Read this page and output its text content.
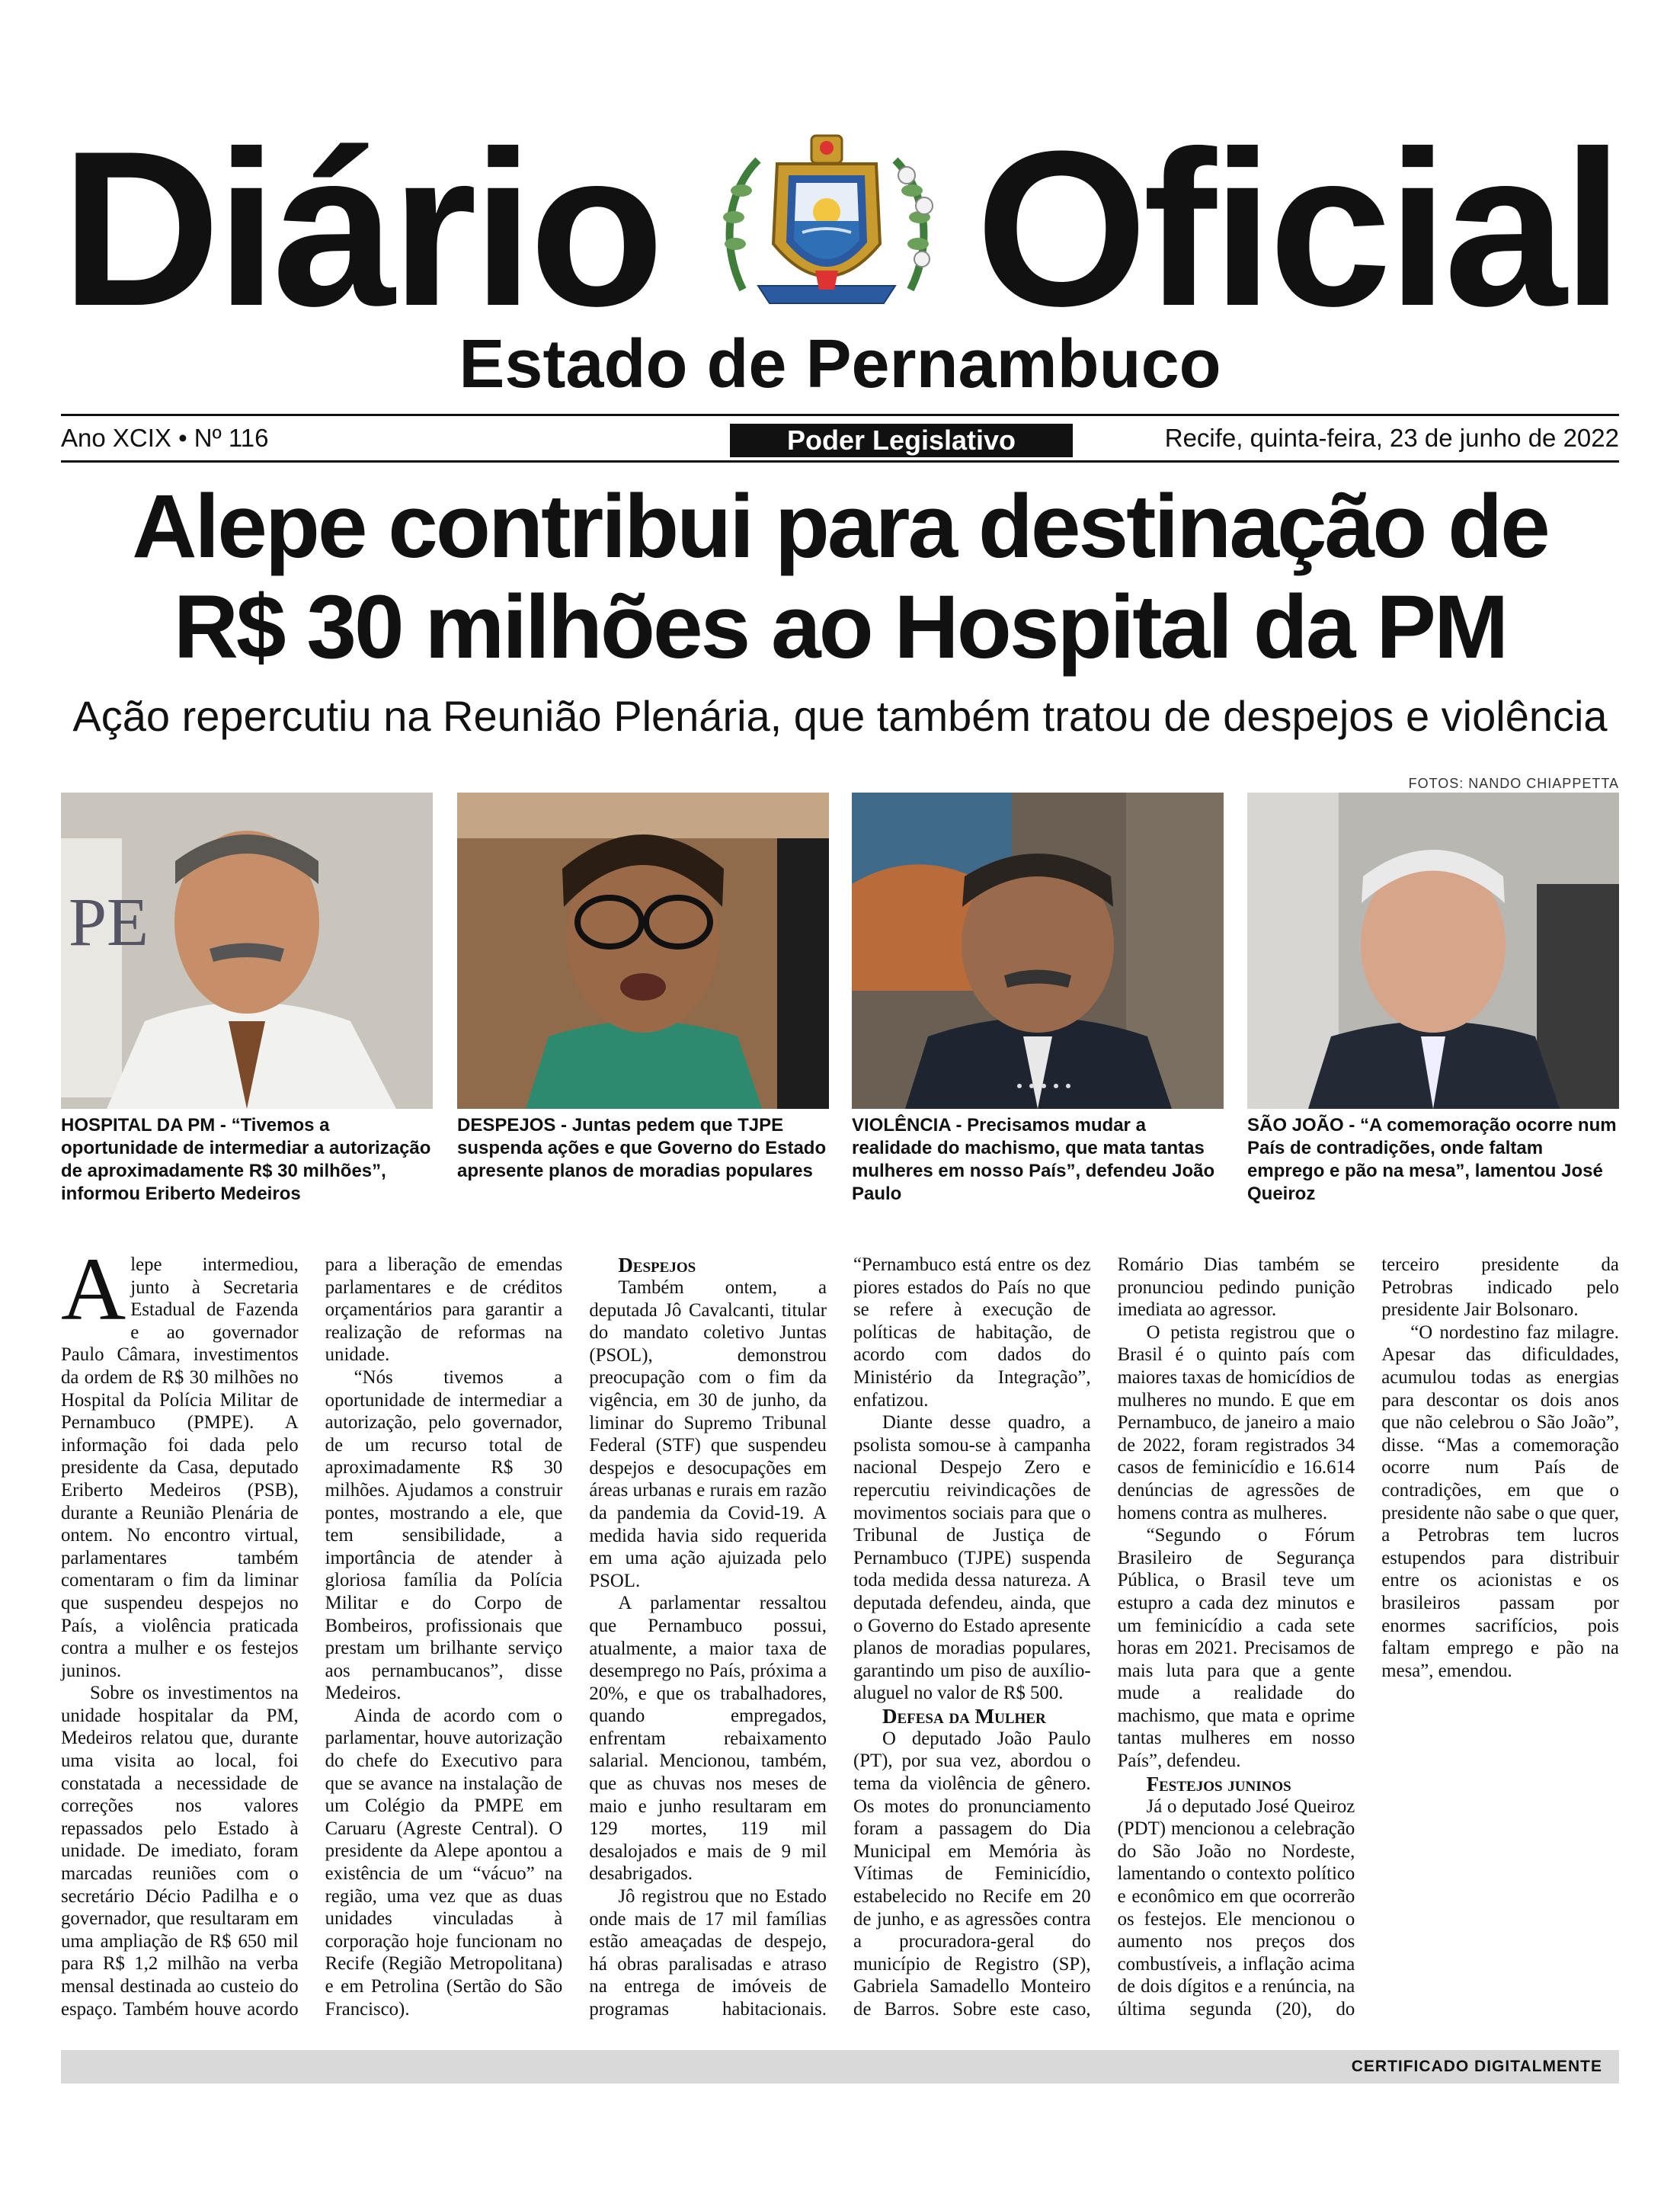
Diário Oficial
Estado de Pernambuco
Ano XCIX • Nº 116	Poder Legislativo	Recife, quinta-feira, 23 de junho de 2022
Alepe contribui para destinação de
R$ 30 milhões ao Hospital da PM
Ação repercutiu na Reunião Plenária, que também tratou de despejos e violência
FOTOS: NANDO CHIAPPETTA
PE
HOSPITAL DA PM - “Tivemos a oportunidade de intermediar a autorização de aproximadamente R$ 30 milhões”, informou Eriberto Medeiros
DESPEJOS - Juntas pedem que TJPE suspenda ações e que Governo do Estado apresente planos de moradias populares
VIOLÊNCIA - Precisamos mudar a realidade do machismo, que mata tantas mulheres em nosso País”, defendeu João Paulo
SÃO JOÃO - “A comemoração ocorre num País de contradições, onde faltam emprego e pão na mesa”, lamentou José Queiroz

Alepe intermediou, junto à Secretaria Estadual de Fazenda e ao governador Paulo Câmara, investimentos da ordem de R$ 30 milhões no Hospital da Polícia Militar de Pernambuco (PMPE). A informação foi dada pelo presidente da Casa, deputado Eriberto Medeiros (PSB), durante a Reunião Plenária de ontem. No encontro virtual, parlamentares também comentaram o fim da liminar que suspendeu despejos no País, a violência praticada contra a mulher e os festejos juninos.

Sobre os investimentos na unidade hospitalar da PM, Medeiros relatou que, durante uma visita ao local, foi constatada a necessidade de correções nos valores repassados pelo Estado à unidade. De imediato, foram marcadas reuniões com o secretário Décio Padilha e o governador, que resultaram em uma ampliação de R$ 650 mil para R$ 1,2 milhão na verba mensal destinada ao custeio do espaço. Também houve acordo para a liberação de emendas parlamentares e de créditos orçamentários para garantir a realização de reformas na unidade.

“Nós tivemos a oportunidade de intermediar a autorização, pelo governador, de um recurso total de aproximadamente R$ 30 milhões. Ajudamos a construir pontes, mostrando a ele, que tem sensibilidade, a importância de atender à gloriosa família da Polícia Militar e do Corpo de Bombeiros, profissionais que prestam um brilhante serviço aos pernambucanos”, disse Medeiros.

Ainda de acordo com o parlamentar, houve autorização do chefe do Executivo para que se avance na instalação de um Colégio da PMPE em Caruaru (Agreste Central). O presidente da Alepe apontou a existência de um “vácuo” na região, uma vez que as duas unidades vinculadas à corporação hoje funcionam no Recife (Região Metropolitana) e em Petrolina (Sertão do São Francisco).

Despejos

Também ontem, a deputada Jô Cavalcanti, titular do mandato coletivo Juntas (PSOL), demonstrou preocupação com o fim da vigência, em 30 de junho, da liminar do Supremo Tribunal Federal (STF) que suspendeu despejos e desocupações em áreas urbanas e rurais em razão da pandemia da Covid-19. A medida havia sido requerida em uma ação ajuizada pelo PSOL.

A parlamentar ressaltou que Pernambuco possui, atualmente, a maior taxa de desemprego no País, próxima a 20%, e que os trabalhadores, quando empregados, enfrentam rebaixamento salarial. Mencionou, também, que as chuvas nos meses de maio e junho resultaram em 129 mortes, 119 mil desalojados e mais de 9 mil desabrigados.

Jô registrou que no Estado onde mais de 17 mil famílias estão ameaçadas de despejo, há obras paralisadas e atraso na entrega de imóveis de programas habitacionais. “Pernambuco está entre os dez piores estados do País no que se refere à execução de políticas de habitação, de acordo com dados do Ministério da Integração”, enfatizou.

Diante desse quadro, a psolista somou-se à campanha nacional Despejo Zero e repercutiu reivindicações de movimentos sociais para que o Tribunal de Justiça de Pernambuco (TJPE) suspenda toda medida dessa natureza. A deputada defendeu, ainda, que o Governo do Estado apresente planos de moradias populares, garantindo um piso de auxílio-aluguel no valor de R$ 500.

Defesa da Mulher

O deputado João Paulo (PT), por sua vez, abordou o tema da violência de gênero. Os motes do pronunciamento foram a passagem do Dia Municipal em Memória às Vítimas de Feminicídio, estabelecido no Recife em 20 de junho, e as agressões contra a procuradora-geral do município de Registro (SP), Gabriela Samadello Monteiro de Barros. Sobre este caso, Romário Dias também se pronunciou pedindo punição imediata ao agressor.

O petista registrou que o Brasil é o quinto país com maiores taxas de homicídios de mulheres no mundo. E que em Pernambuco, de janeiro a maio de 2022, foram registrados 34 casos de feminicídio e 16.614 denúncias de agressões de homens contra as mulheres.

“Segundo o Fórum Brasileiro de Segurança Pública, o Brasil teve um estupro a cada dez minutos e um feminicídio a cada sete horas em 2021. Precisamos de mais luta para que a gente mude a realidade do machismo, que mata e oprime tantas mulheres em nosso País”, defendeu.

Festejos juninos

Já o deputado José Queiroz (PDT) mencionou a celebração do São João no Nordeste, lamentando o contexto político e econômico em que ocorrerão os festejos. Ele mencionou o aumento nos preços dos combustíveis, a inflação acima de dois dígitos e a renúncia, na última segunda (20), do terceiro presidente da Petrobras indicado pelo presidente Jair Bolsonaro.

“O nordestino faz milagre. Apesar das dificuldades, acumulou todas as energias para descontar os dois anos que não celebrou o São João”, disse. “Mas a comemoração ocorre num País de contradições, em que o presidente não sabe o que quer, a Petrobras tem lucros estupendos para distribuir entre os acionistas e os brasileiros passam por enormes sacrifícios, pois faltam emprego e pão na mesa”, emendou.

CERTIFICADO DIGITALMENTE
